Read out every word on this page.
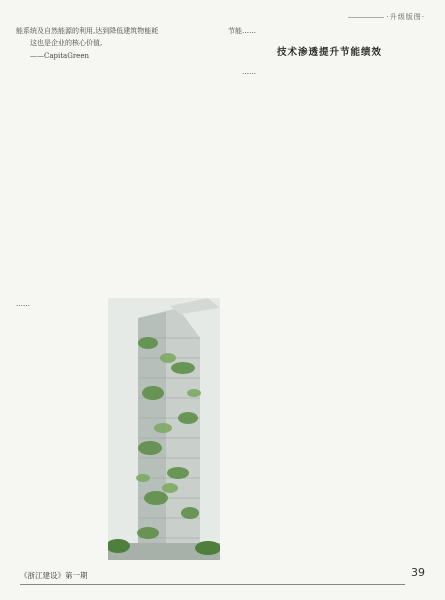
·升级版图·

能系统及自然能源的利用,达到降低建筑物能耗

这也是企业的核心价值,

——CapitaGreen

……

节能……

技术渗透提升节能绩效

……

《浙江建设》第一期	39
